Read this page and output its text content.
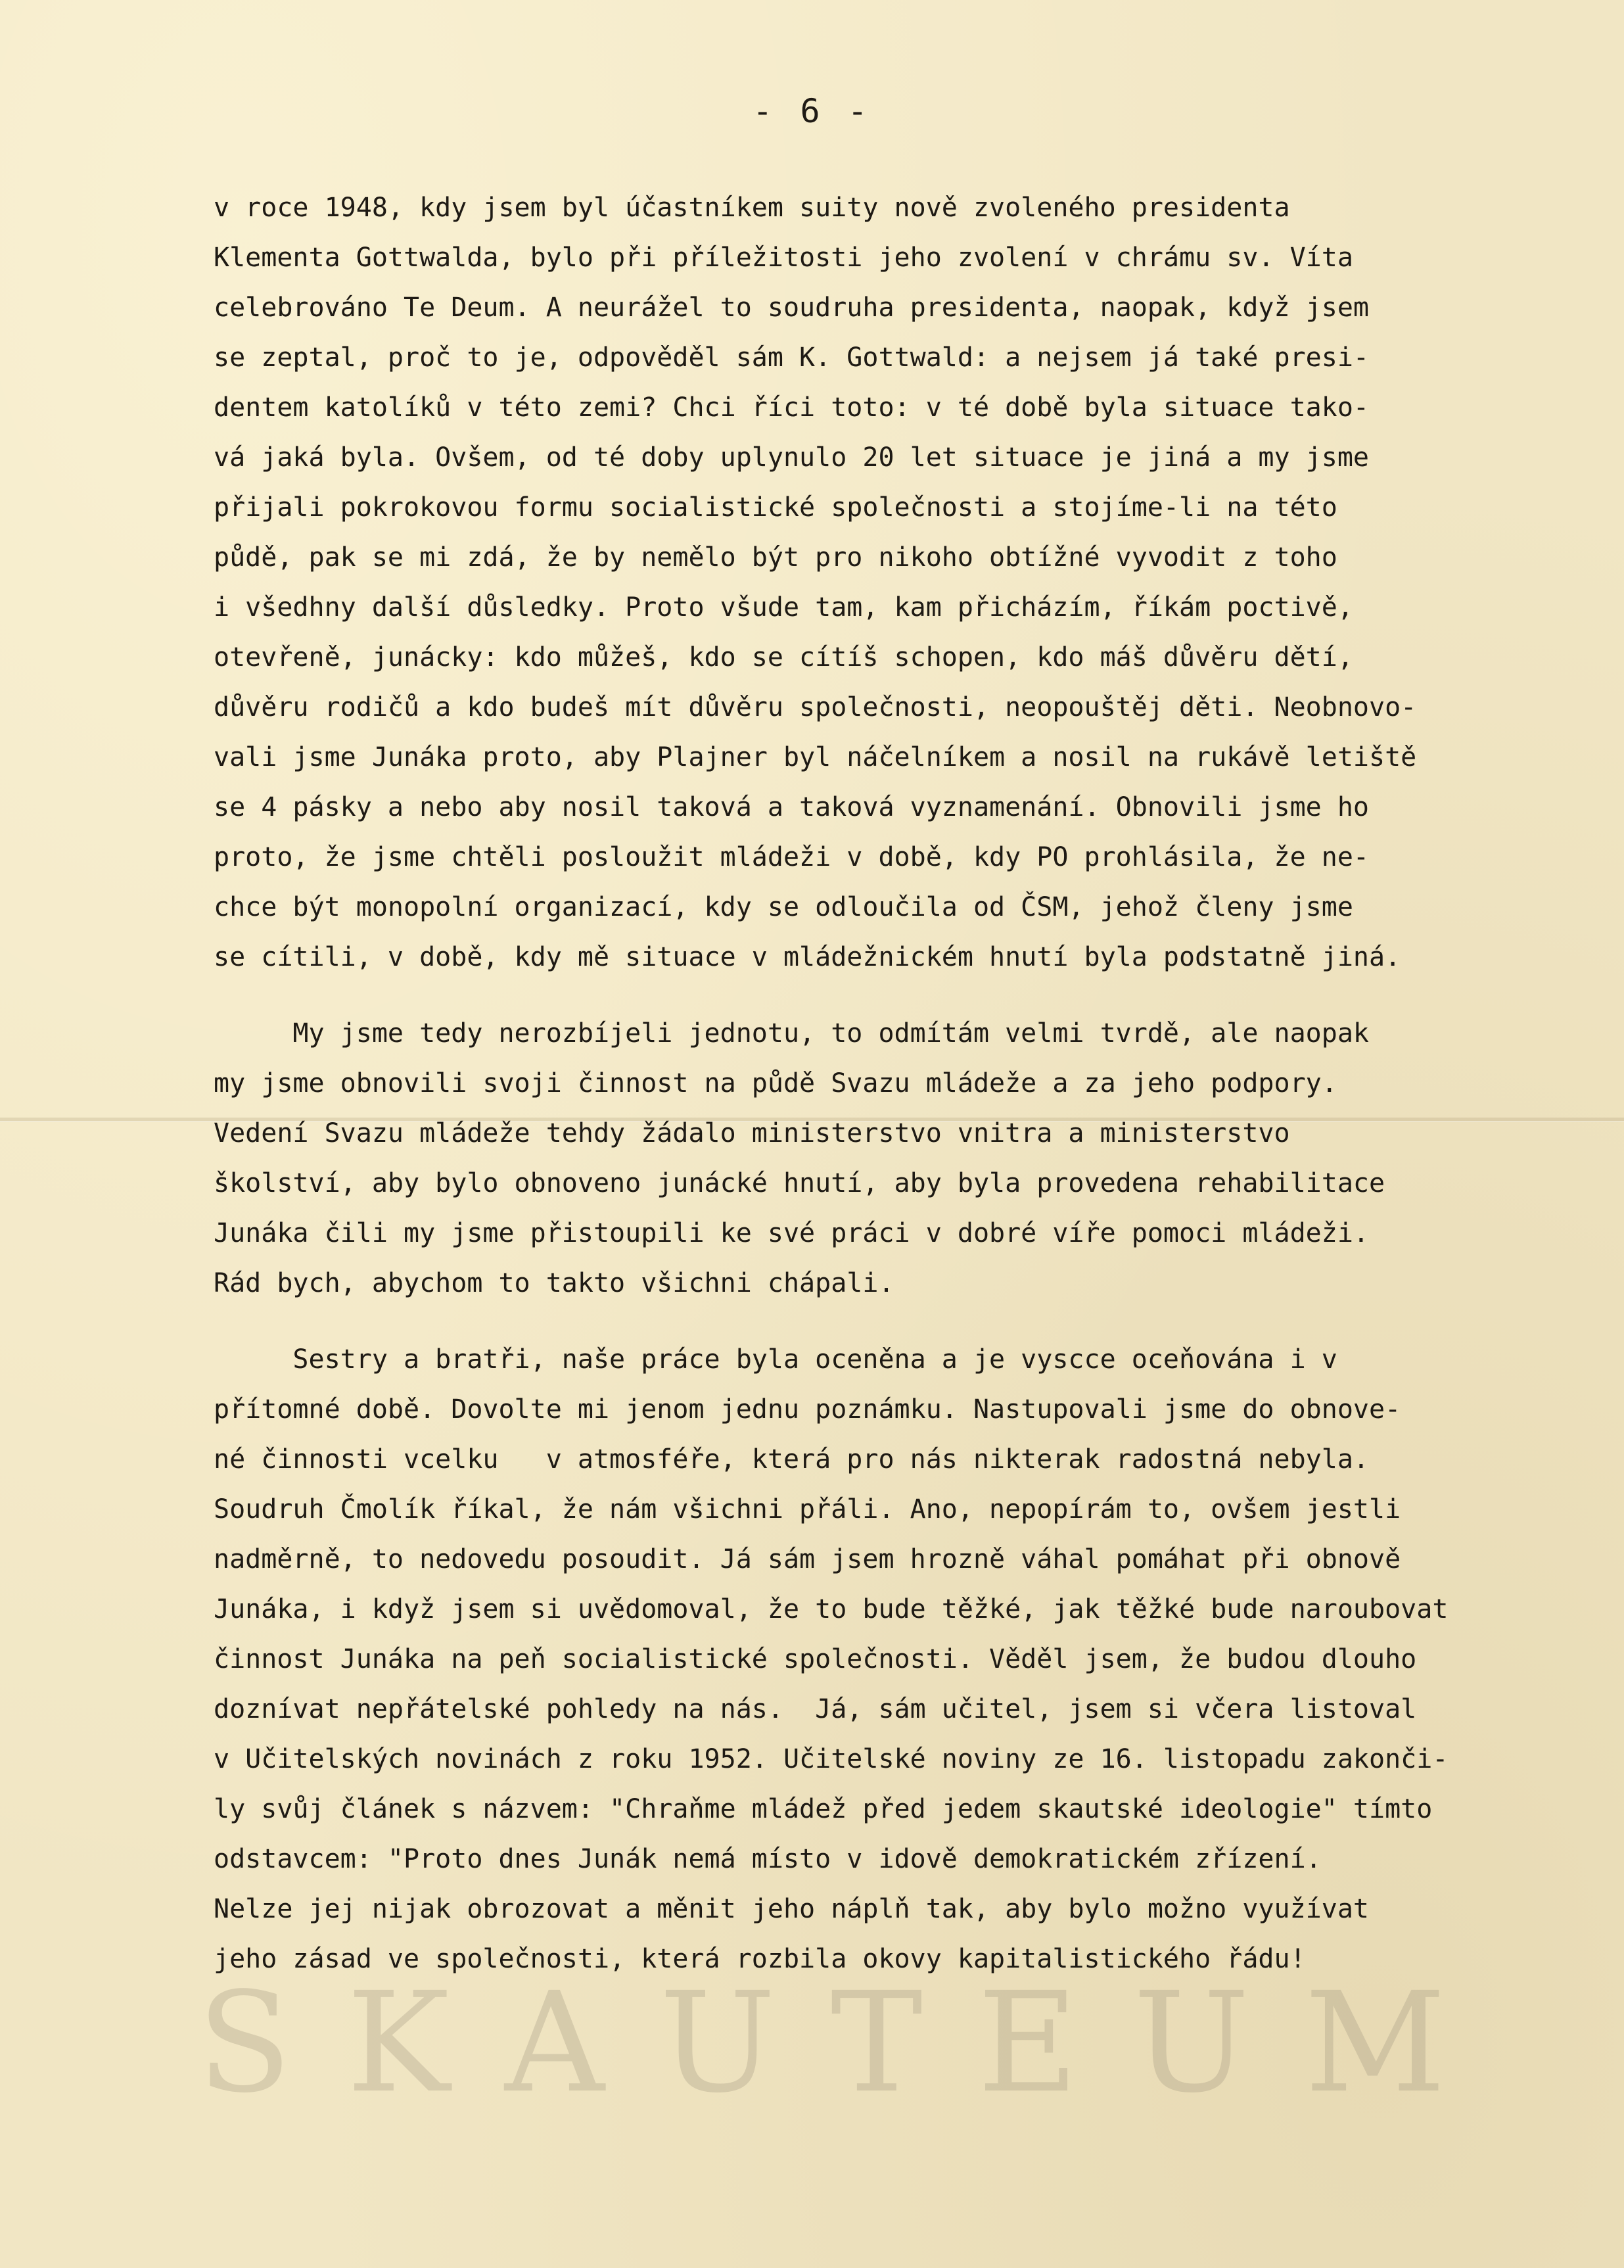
- 6 -
v roce 1948, kdy jsem byl účastníkem suity nově zvoleného presidenta
Klementa Gottwalda, bylo při příležitosti jeho zvolení v chrámu sv. Víta
celebrováno Te Deum. A neurážel to soudruha presidenta, naopak, když jsem
se zeptal, proč to je, odpověděl sám K. Gottwald: a nejsem já také presi-
dentem katolíků v této zemi? Chci říci toto: v té době byla situace tako-
vá jaká byla. Ovšem, od té doby uplynulo 20 let situace je jiná a my jsme
přijali pokrokovou formu socialistické společnosti a stojíme-li na této
půdě, pak se mi zdá, že by nemělo být pro nikoho obtížné vyvodit z toho
i všedhny další důsledky. Proto všude tam, kam přicházím, říkám poctivě,
otevřeně, junácky: kdo můžeš, kdo se cítíš schopen, kdo máš důvěru dětí,
důvěru rodičů a kdo budeš mít důvěru společnosti, neopouštěj děti. Neobnovo-
vali jsme Junáka proto, aby Plajner byl náčelníkem a nosil na rukávě letiště
se 4 pásky a nebo aby nosil taková a taková vyznamenání. Obnovili jsme ho
proto, že jsme chtěli posloužit mládeži v době, kdy PO prohlásila, že ne-
chce být monopolní organizací, kdy se odloučila od ČSM, jehož členy jsme
se cítili, v době, kdy mě situace v mládežnickém hnutí byla podstatně jiná.
My jsme tedy nerozbíjeli jednotu, to odmítám velmi tvrdě, ale naopak
my jsme obnovili svoji činnost na půdě Svazu mládeže a za jeho podpory.
Vedení Svazu mládeže tehdy žádalo ministerstvo vnitra a ministerstvo
školství, aby bylo obnoveno junácké hnutí, aby byla provedena rehabilitace
Junáka čili my jsme přistoupili ke své práci v dobré víře pomoci mládeži.
Rád bych, abychom to takto všichni chápali.
Sestry a bratři, naše práce byla oceněna a je vyscce oceňována i v
přítomné době. Dovolte mi jenom jednu poznámku. Nastupovali jsme do obnove-
né činnosti vcelku   v atmosféře, která pro nás nikterak radostná nebyla.
Soudruh Čmolík říkal, že nám všichni přáli. Ano, nepopírám to, ovšem jestli
nadměrně, to nedovedu posoudit. Já sám jsem hrozně váhal pomáhat při obnově
Junáka, i když jsem si uvědomoval, že to bude těžké, jak těžké bude naroubovat
činnost Junáka na peň socialistické společnosti. Věděl jsem, že budou dlouho
doznívat nepřátelské pohledy na nás.  Já, sám učitel, jsem si včera listoval
v Učitelských novinách z roku 1952. Učitelské noviny ze 16. listopadu zakonči-
ly svůj článek s názvem: "Chraňme mládež před jedem skautské ideologie" tímto
odstavcem: "Proto dnes Junák nemá místo v idově demokratickém zřízení.
Nelze jej nijak obrozovat a měnit jeho náplň tak, aby bylo možno využívat
jeho zásad ve společnosti, která rozbila okovy kapitalistického řádu!
S K A U T E U M
